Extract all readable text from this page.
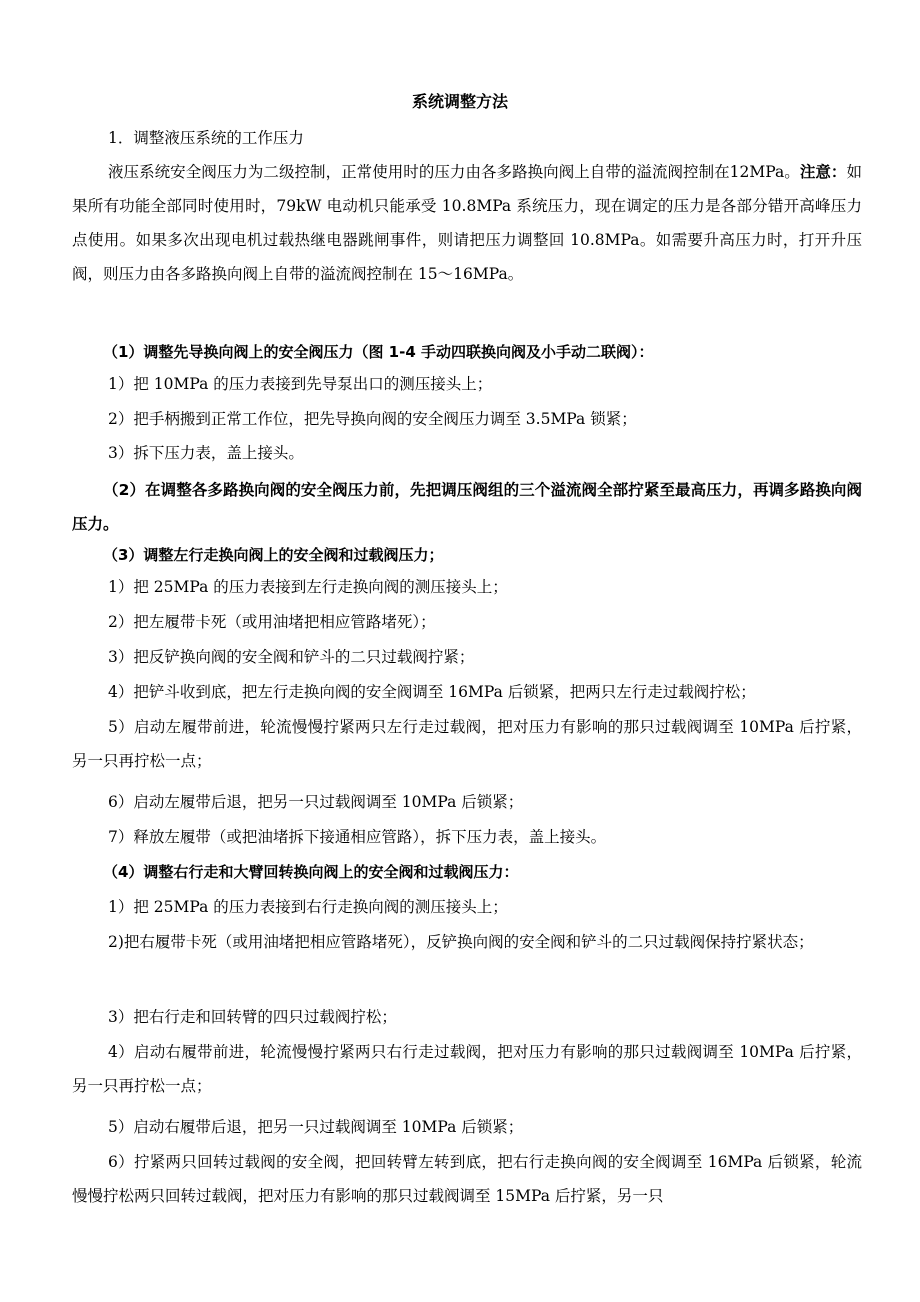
系统调整方法

1．调整液压系统的工作压力

液压系统安全阀压力为二级控制，正常使用时的压力由各多路换向阀上自带的溢流阀控制在12MPa。注意：如果所有功能全部同时使用时，79kW 电动机只能承受 10.8MPa 系统压力，现在调定的压力是各部分错开高峰压力点使用。如果多次出现电机过载热继电器跳闸事件，则请把压力调整回 10.8MPa。如需要升高压力时，打开升压阀，则压力由各多路换向阀上自带的溢流阀控制在 15～16MPa。

（1）调整先导换向阀上的安全阀压力（图 1-4 手动四联换向阀及小手动二联阀）：

1）把 10MPa 的压力表接到先导泵出口的测压接头上；

2）把手柄搬到正常工作位，把先导换向阀的安全阀压力调至 3.5MPa 锁紧；

3）拆下压力表，盖上接头。

（2）在调整各多路换向阀的安全阀压力前，先把调压阀组的三个溢流阀全部拧紧至最高压力，再调多路换向阀压力。

（3）调整左行走换向阀上的安全阀和过载阀压力；

1）把 25MPa 的压力表接到左行走换向阀的测压接头上；

2）把左履带卡死（或用油堵把相应管路堵死）；

3）把反铲换向阀的安全阀和铲斗的二只过载阀拧紧；

4）把铲斗收到底，把左行走换向阀的安全阀调至 16MPa 后锁紧，把两只左行走过载阀拧松；

5）启动左履带前进，轮流慢慢拧紧两只左行走过载阀，把对压力有影响的那只过载阀调至 10MPa 后拧紧，另一只再拧松一点；

6）启动左履带后退，把另一只过载阀调至 10MPa 后锁紧；

7）释放左履带（或把油堵拆下接通相应管路），拆下压力表，盖上接头。

（4）调整右行走和大臂回转换向阀上的安全阀和过载阀压力：

1）把 25MPa 的压力表接到右行走换向阀的测压接头上；

2)把右履带卡死（或用油堵把相应管路堵死），反铲换向阀的安全阀和铲斗的二只过载阀保持拧紧状态；

3）把右行走和回转臂的四只过载阀拧松；

4）启动右履带前进，轮流慢慢拧紧两只右行走过载阀，把对压力有影响的那只过载阀调至 10MPa 后拧紧，另一只再拧松一点；

5）启动右履带后退，把另一只过载阀调至 10MPa 后锁紧；

6）拧紧两只回转过载阀的安全阀，把回转臂左转到底，把右行走换向阀的安全阀调至 16MPa 后锁紧，轮流慢慢拧松两只回转过载阀，把对压力有影响的那只过载阀调至 15MPa 后拧紧，另一只
